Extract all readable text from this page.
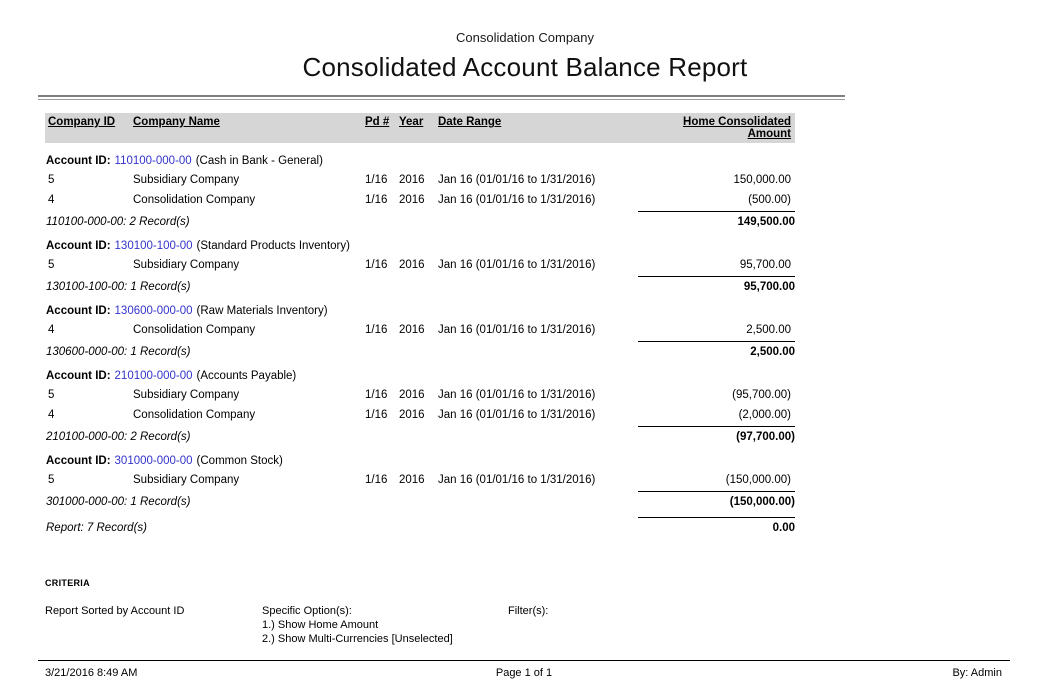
Consolidation Company
Consolidated Account Balance Report
Company ID	Company Name	Pd # Year	Date Range	Home Consolidated Amount
Account ID: 110100-000-00 (Cash in Bank - General)
5	Subsidiary Company	1/16	2016	Jan 16 (01/01/16 to 1/31/2016)	150,000.00
4	Consolidation Company	1/16	2016	Jan 16 (01/01/16 to 1/31/2016)	(500.00)
110100-000-00: 2 Record(s)	149,500.00
Account ID: 130100-100-00 (Standard Products Inventory)
5	Subsidiary Company	1/16	2016	Jan 16 (01/01/16 to 1/31/2016)	95,700.00
130100-100-00: 1 Record(s)	95,700.00
Account ID: 130600-000-00 (Raw Materials Inventory)
4	Consolidation Company	1/16	2016	Jan 16 (01/01/16 to 1/31/2016)	2,500.00
130600-000-00: 1 Record(s)	2,500.00
Account ID: 210100-000-00 (Accounts Payable)
5	Subsidiary Company	1/16	2016	Jan 16 (01/01/16 to 1/31/2016)	(95,700.00)
4	Consolidation Company	1/16	2016	Jan 16 (01/01/16 to 1/31/2016)	(2,000.00)
210100-000-00: 2 Record(s)	(97,700.00)
Account ID: 301000-000-00 (Common Stock)
5	Subsidiary Company	1/16	2016	Jan 16 (01/01/16 to 1/31/2016)	(150,000.00)
301000-000-00: 1 Record(s)	(150,000.00)
Report: 7 Record(s)	0.00
CRITERIA
Report Sorted by Account ID	Specific Option(s):
1.) Show Home Amount
2.) Show Multi-Currencies [Unselected]
Filter(s):
3/21/2016 8:49 AM	Page 1 of 1	By: Admin
